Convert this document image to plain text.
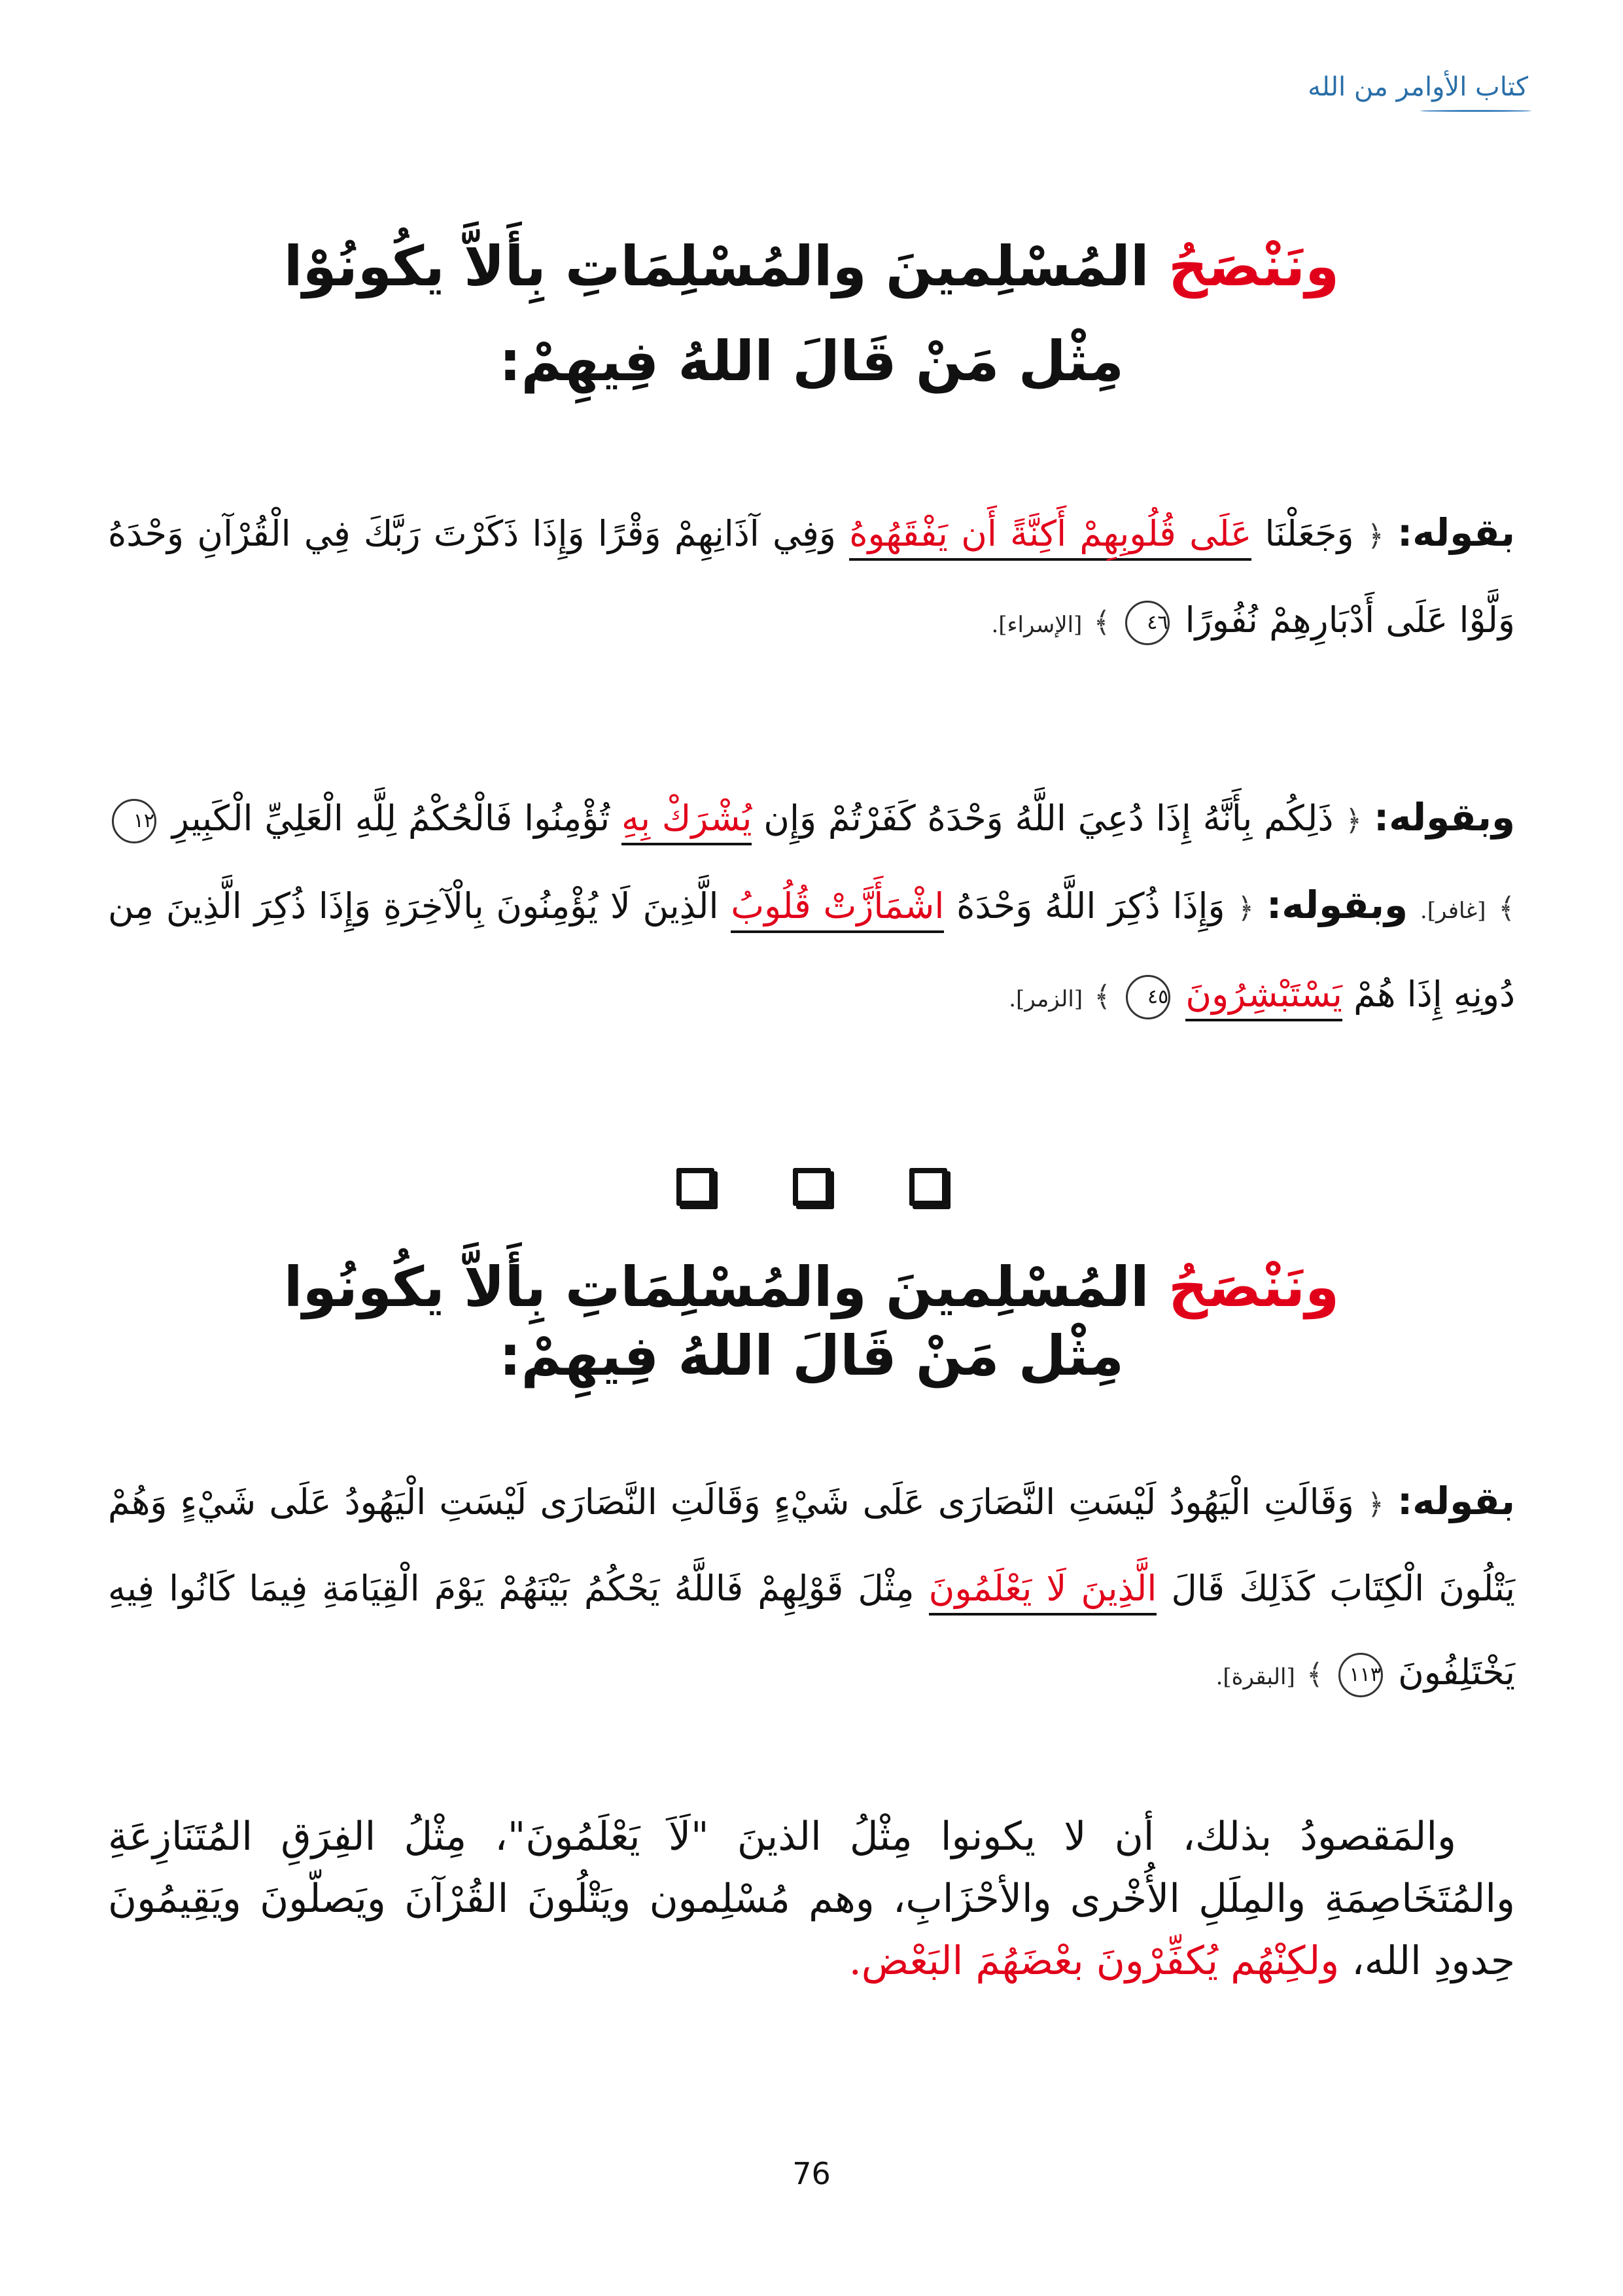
كتاب الأوامر من الله
ونَنْصَحُ المُسْلِمينَ والمُسْلِمَاتِ بِأَلاَّ يكُونُوْا
مِثْل مَنْ قَالَ اللهُ فِيهِمْ:
بقوله: ﴿ وَجَعَلْنَا عَلَى قُلُوبِهِمْ أَكِنَّةً أَن يَفْقَهُوهُ وَفِي آذَانِهِمْ وَقْرًا وَإِذَا ذَكَرْتَ رَبَّكَ فِي الْقُرْآنِ وَحْدَهُ وَلَّوْا عَلَى أَدْبَارِهِمْ نُفُورًا ٤٦ ﴾ [الإسراء].
وبقوله: ﴿ ذَلِكُم بِأَنَّهُ إِذَا دُعِيَ اللَّهُ وَحْدَهُ كَفَرْتُمْ وَإِن يُشْرَكْ بِهِ تُؤْمِنُوا فَالْحُكْمُ لِلَّهِ الْعَلِيِّ الْكَبِيرِ ١٢ ﴾ [غافر]. وبقوله: ﴿ وَإِذَا ذُكِرَ اللَّهُ وَحْدَهُ اشْمَأَزَّتْ قُلُوبُ الَّذِينَ لَا يُؤْمِنُونَ بِالْآخِرَةِ وَإِذَا ذُكِرَ الَّذِينَ مِن دُونِهِ إِذَا هُمْ يَسْتَبْشِرُونَ ٤٥ ﴾ [الزمر].
ونَنْصَحُ المُسْلِمينَ والمُسْلِمَاتِ بِأَلاَّ يكُونُوا
مِثْل مَنْ قَالَ اللهُ فِيهِمْ:
بقوله: ﴿ وَقَالَتِ الْيَهُودُ لَيْسَتِ النَّصَارَى عَلَى شَيْءٍ وَقَالَتِ النَّصَارَى لَيْسَتِ الْيَهُودُ عَلَى شَيْءٍ وَهُمْ يَتْلُونَ الْكِتَابَ كَذَلِكَ قَالَ الَّذِينَ لَا يَعْلَمُونَ مِثْلَ قَوْلِهِمْ فَاللَّهُ يَحْكُمُ بَيْنَهُمْ يَوْمَ الْقِيَامَةِ فِيمَا كَانُوا فِيهِ يَخْتَلِفُونَ ١١٣ ﴾ [البقرة].
والمَقصودُ بذلك، أن لا يكونوا مِثْلُ الذينَ "لَاَ يَعْلَمُونَ"، مِثْلُ الفِرَقِ المُتَنَازِعَةِ والمُتَخَاصِمَةِ والمِلَلِ الأُخْرى والأحْزَابِ، وهم مُسْلِمون ويَتْلُونَ القُرْآنَ ويَصلّونَ ويَقِيمُونَ حِدودِ الله، ولكِنْهُم يُكفِّرْونَ بعْضَهُمَ البَعْض.
76
